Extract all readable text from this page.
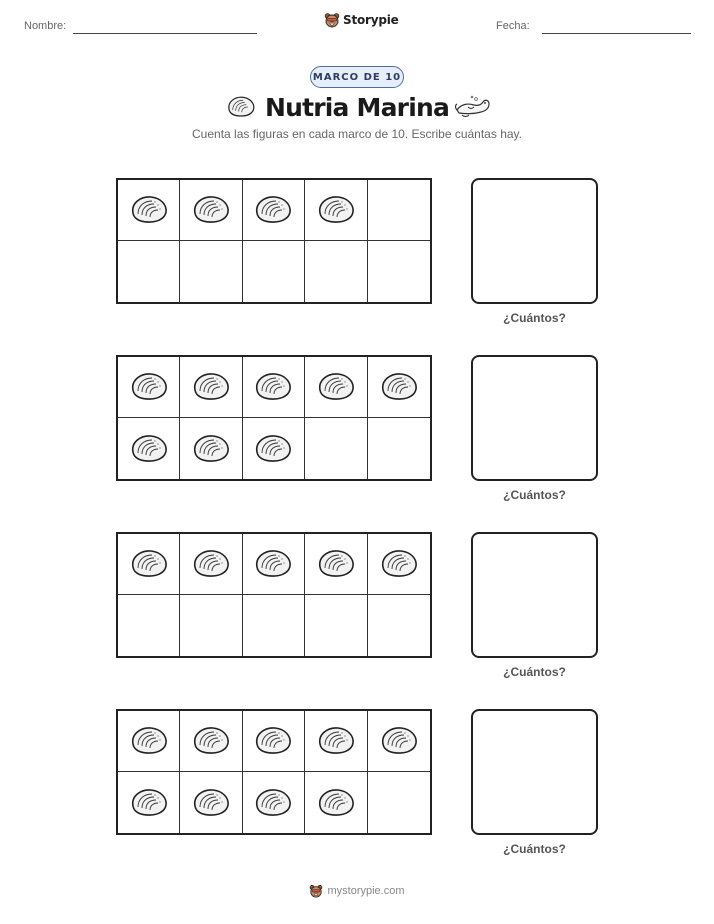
Nombre:	Storypie	Fecha:
MARCO DE 10
Nutria Marina
Cuenta las figuras en cada marco de 10. Escribe cuántas hay.
¿Cuántos?
¿Cuántos?
¿Cuántos?
¿Cuántos?
mystorypie.com
